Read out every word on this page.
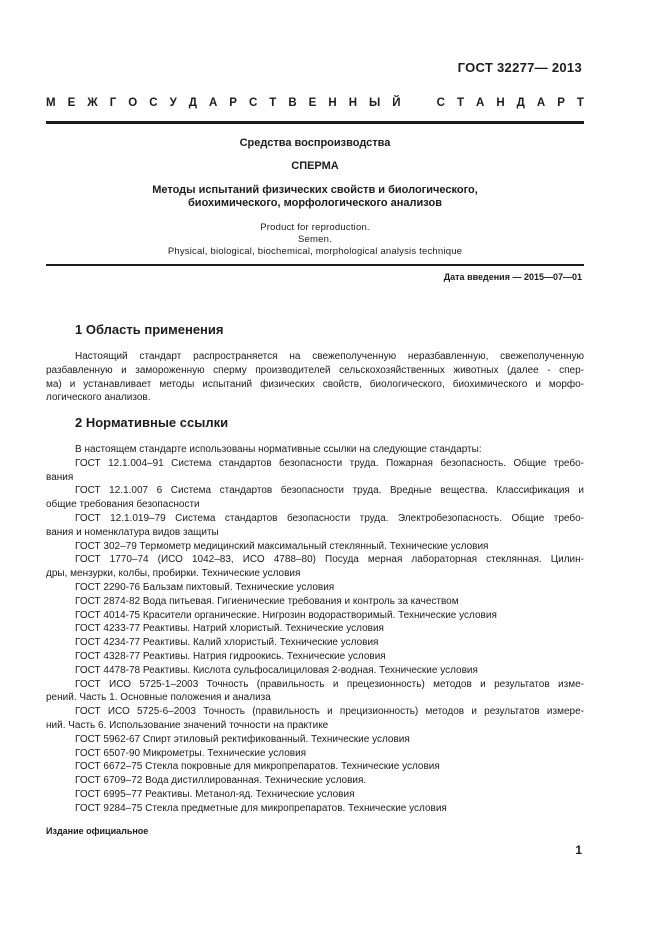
ГОСТ 32277— 2013
М Е Ж Г О С У Д А Р С Т В Е Н Н Ы Й	С Т А Н Д А Р Т
Средства воспроизводства
СПЕРМА
Методы испытаний физических свойств и биологического,
биохимического, морфологического анализов
Product for reproduction.
Semen.
Physical, biological, biochemical, morphological analysis technique
Дата введения — 2015—07—01
1 Область применения
Настоящий стандарт распространяется на свежеполученную неразбавленную, свежеполученную
разбавленную и замороженную сперму производителей сельскохозяйственных животных (далее - спер-
ма) и устанавливает методы испытаний физических свойств, биологического, биохимического и морфо-
логического анализов.
2 Нормативные ссылки
В настоящем стандарте использованы нормативные ссылки на следующие стандарты:
ГОСТ 12.1.004–91 Система стандартов безопасности труда. Пожарная безопасность. Общие требо-
вания
ГОСТ 12.1.007 6 Система стандартов безопасности труда. Вредные вещества. Классификация и
общие требования безопасности
ГОСТ 12.1.019–79 Система стандартов безопасности труда. Электробезопасность. Общие требо-
вания и номенклатура видов защиты
ГОСТ 302–79 Термометр медицинский максимальный стеклянный. Технические условия
ГОСТ 1770–74 (ИСО 1042–83, ИСО 4788–80) Посуда мерная лабораторная стеклянная. Цилин-
дры, мензурки, колбы, пробирки. Технические условия
ГОСТ 2290-76 Бальзам пихтовый. Технические условия
ГОСТ 2874-82 Вода питьевая. Гигиенические требования и контроль за качеством
ГОСТ 4014-75 Красители органические. Нигрозин водорастворимый. Технические условия
ГОСТ 4233-77 Реактивы. Натрий хлористый. Технические условия
ГОСТ 4234-77 Реактивы. Калий хлористый. Технические условия
ГОСТ 4328-77 Реактивы. Натрия гидроокись. Технические условия
ГОСТ 4478-78 Реактивы. Кислота сульфосалициловая 2-водная. Технические условия
ГОСТ ИСО 5725-1–2003 Точность (правильность и прецезионность) методов и результатов изме-
рений. Часть 1. Основные положения и анализа
ГОСТ ИСО 5725-6–2003 Точность (правильность и прецизионность) методов и результатов измере-
ний. Часть 6. Использование значений точности на практике
ГОСТ 5962-67 Спирт этиловый ректификованный. Технические условия
ГОСТ 6507-90 Микрометры. Технические условия
ГОСТ 6672–75 Стекла покровные для микропрепаратов. Технические условия
ГОСТ 6709–72 Вода дистиллированная. Технические условия.
ГОСТ 6995–77 Реактивы. Метанол-яд. Технические условия
ГОСТ 9284–75 Стекла предметные для микропрепаратов. Технические условия
Издание официальное
1
